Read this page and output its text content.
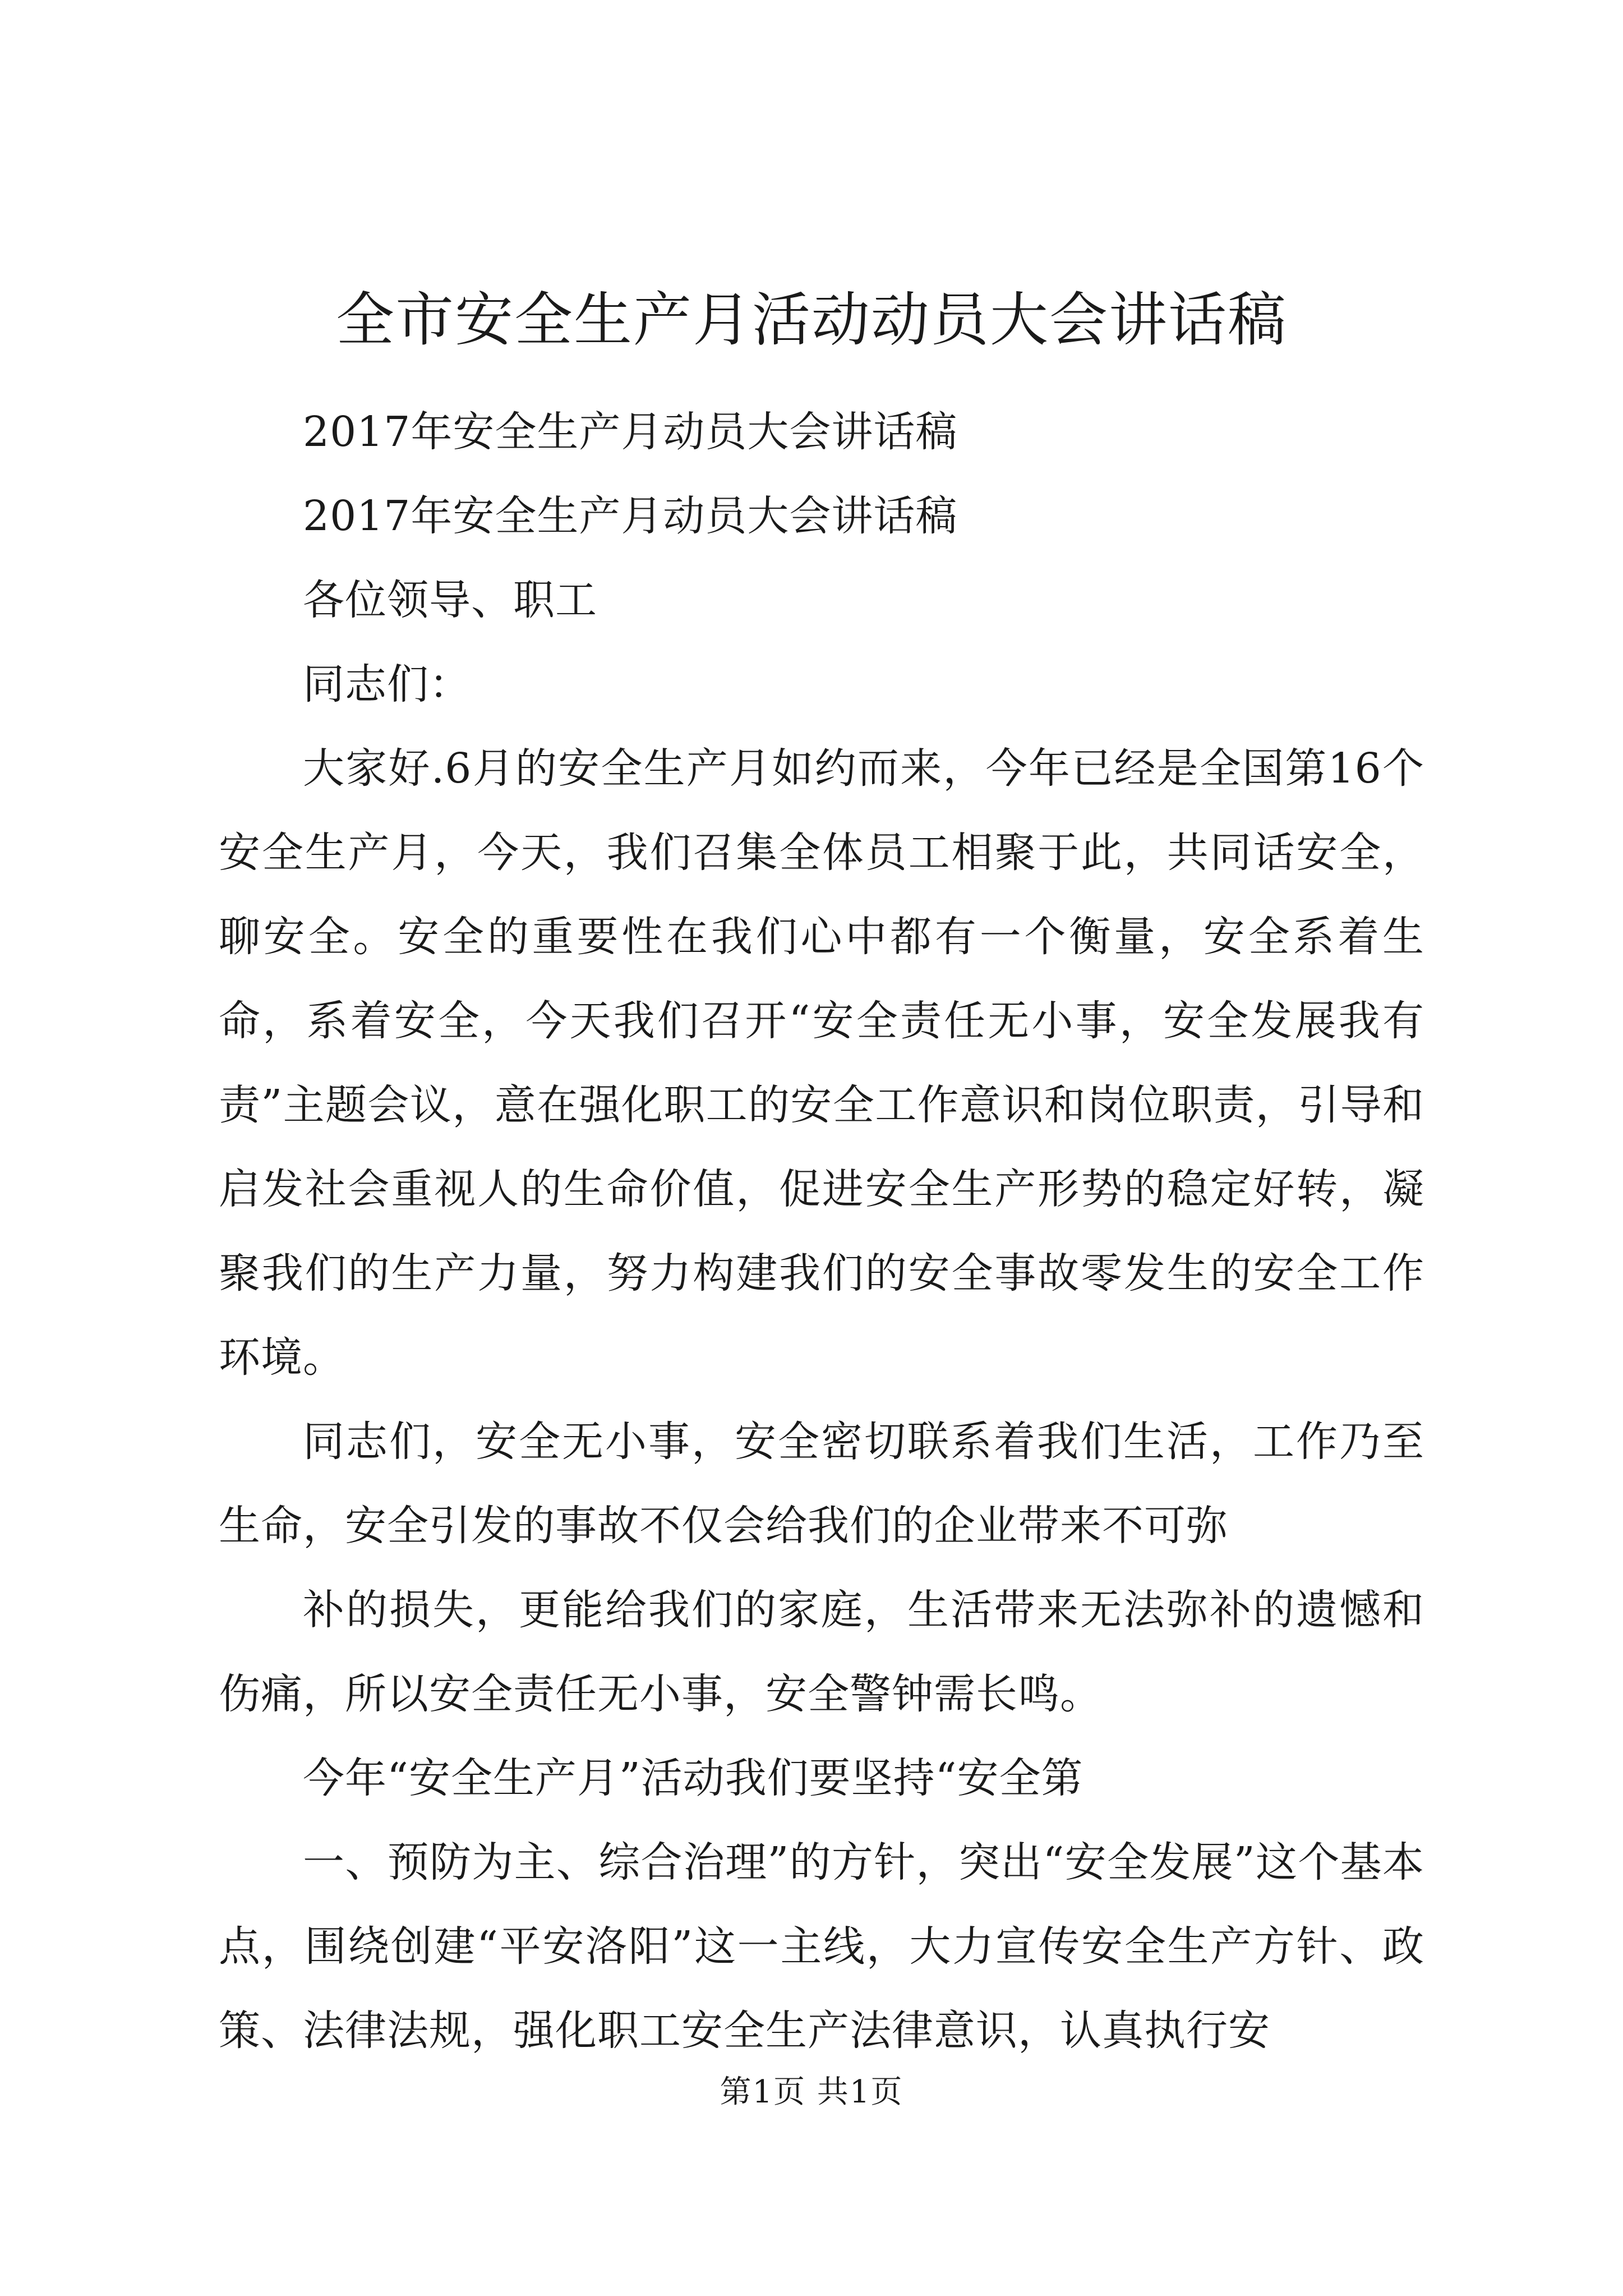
全市安全生产月活动动员大会讲话稿

2017年安全生产月动员大会讲话稿

2017年安全生产月动员大会讲话稿

各位领导、职工

同志们：

大家好.6月的安全生产月如约而来，今年已经是全国第16个安全生产月，今天，我们召集全体员工相聚于此，共同话安全，聊安全。安全的重要性在我们心中都有一个衡量，安全系着生命，系着安全，今天我们召开“安全责任无小事，安全发展我有责”主题会议，意在强化职工的安全工作意识和岗位职责，引导和启发社会重视人的生命价值，促进安全生产形势的稳定好转，凝聚我们的生产力量，努力构建我们的安全事故零发生的安全工作环境。

同志们，安全无小事，安全密切联系着我们生活，工作乃至生命，安全引发的事故不仅会给我们的企业带来不可弥

补的损失，更能给我们的家庭，生活带来无法弥补的遗憾和伤痛，所以安全责任无小事，安全警钟需长鸣。

今年“安全生产月”活动我们要坚持“安全第

一、预防为主、综合治理”的方针，突出“安全发展”这个基本点，围绕创建“平安洛阳”这一主线，大力宣传安全生产方针、政策、法律法规，强化职工安全生产法律意识，认真执行安

第1页 共1页
